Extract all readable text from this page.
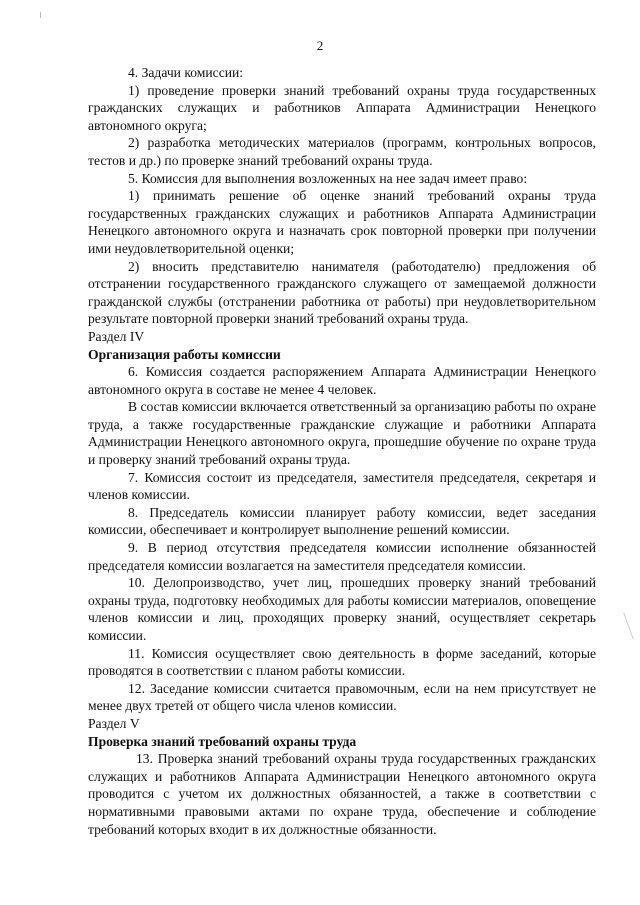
2

4. Задачи комиссии:

1) проведение проверки знаний требований охраны труда государственных гражданских служащих и работников Аппарата Администрации Ненецкого автономного округа;

2) разработка методических материалов (программ, контрольных вопросов, тестов и др.) по проверке знаний требований охраны труда.

5. Комиссия для выполнения возложенных на нее задач имеет право:

1) принимать решение об оценке знаний требований охраны труда государственных гражданских служащих и работников Аппарата Администрации Ненецкого автономного округа и назначать срок повторной проверки при получении ими неудовлетворительной оценки;

2) вносить представителю нанимателя (работодателю) предложения об отстранении государственного гражданского служащего от замещаемой должности гражданской службы (отстранении работника от работы) при неудовлетворительном результате повторной проверки знаний требований охраны труда.

Раздел IV

Организация работы комиссии

6. Комиссия создается распоряжением Аппарата Администрации Ненецкого автономного округа в составе не менее 4 человек.

В состав комиссии включается ответственный за организацию работы по охране труда, а также государственные гражданские служащие и работники Аппарата Администрации Ненецкого автономного округа, прошедшие обучение по охране труда и проверку знаний требований охраны труда.

7. Комиссия состоит из председателя, заместителя председателя, секретаря и членов комиссии.

8. Председатель комиссии планирует работу комиссии, ведет заседания комиссии, обеспечивает и контролирует выполнение решений комиссии.

9. В период отсутствия председателя комиссии исполнение обязанностей председателя комиссии возлагается на заместителя председателя комиссии.

10. Делопроизводство, учет лиц, прошедших проверку знаний требований охраны труда, подготовку необходимых для работы комиссии материалов, оповещение членов комиссии и лиц, проходящих проверку знаний, осуществляет секретарь комиссии.

11. Комиссия осуществляет свою деятельность в форме заседаний, которые проводятся в соответствии с планом работы комиссии.

12. Заседание комиссии считается правомочным, если на нем присутствует не менее двух третей от общего числа членов комиссии.

Раздел V

Проверка знаний требований охраны труда

13. Проверка знаний требований охраны труда государственных гражданских служащих и работников Аппарата Администрации Ненецкого автономного округа проводится с учетом их должностных обязанностей, а также в соответствии с нормативными правовыми актами по охране труда, обеспечение и соблюдение требований которых входит в их должностные обязанности.
